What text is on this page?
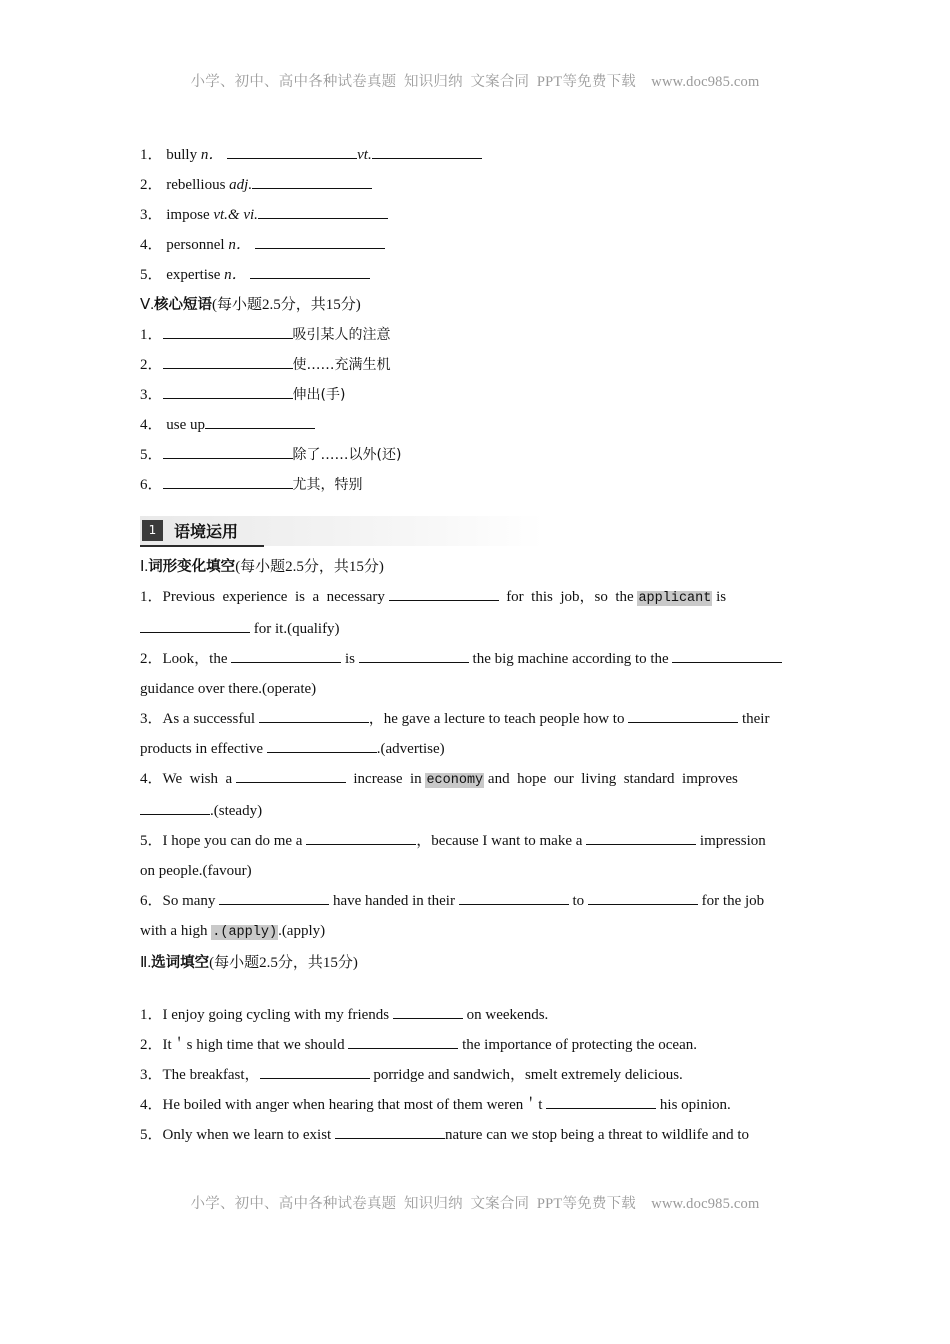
小学、初中、高中各种试卷真题  知识归纳  文案合同  PPT等免费下载    www.doc985.com
1． bully n．	vt.
2． rebellious adj.
3． impose vt.& vi.
4． personnel n．
5． expertise n．
Ⅴ.核心短语(每小题2.5分，共15分)
1．	吸引某人的注意
2．	使……充满生机
3．	伸出(手)
4． use up
5．	除了……以外(还)
6．	尤其，特别
1	语境运用
Ⅰ.词形变化填空(每小题2.5分，共15分)
1．Previous  experience  is  a  necessary	for  this  job，so  the applicant is
for it.(qualify)
2．Look，the	is	the big machine according to the
guidance over there.(operate)
3．As a successful	，he gave a lecture to teach people how to	their
products in effective	.(advertise)
4．We  wish  a	increase  in economy and  hope  our  living  standard  improves
.(steady)
5．I hope you can do me a	，because I want to make a	impression
on people.(favour)
6．So many	have handed in their	to	for the job
with a high .(apply).(apply)
Ⅱ.选词填空(每小题2.5分，共15分)
1．I enjoy going cycling with my friends	on weekends.
2．It＇s high time that we should	the importance of protecting the ocean.
3．The breakfast，	porridge and sandwich，smelt extremely delicious.
4．He boiled with anger when hearing that most of them weren＇t	his opinion.
5．Only when we learn to exist	nature can we stop being a threat to wildlife and to
小学、初中、高中各种试卷真题  知识归纳  文案合同  PPT等免费下载    www.doc985.com
